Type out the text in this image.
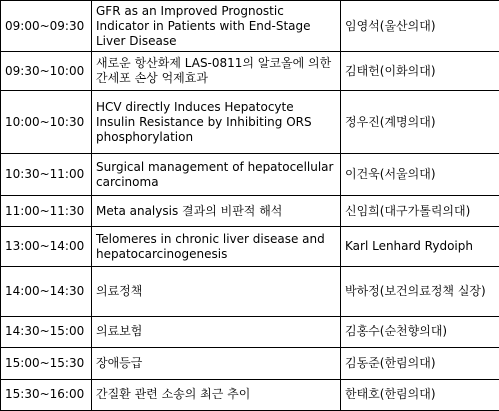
09:00~09:30	GFR as an Improved Prognostic Indicator in Patients with End-Stage Liver Disease	임영석(울산의대)
09:30~10:00	새로운 항산화제 LAS-0811의 알코올에 의한 간세포 손상 억제효과	김태헌(이화의대)
10:00~10:30	HCV directly Induces Hepatocyte Insulin Resistance by Inhibiting ORS phosphorylation	정우진(계명의대)
10:30~11:00	Surgical management of hepatocellular carcinoma	이건욱(서울의대)
11:00~11:30	Meta analysis 결과의 비판적 해석	신임희(대구가톨릭의대)
13:00~14:00	Telomeres in chronic liver disease and hepatocarcinogenesis	Karl Lenhard Rydoiph
14:00~14:30	의료정책	박하정(보건의료정책 실장)
14:30~15:00	의료보험	김홍수(순천향의대)
15:00~15:30	장애등급	김동준(한림의대)
15:30~16:00	간질환 관련 소송의 최근 추이	한태호(한림의대)
